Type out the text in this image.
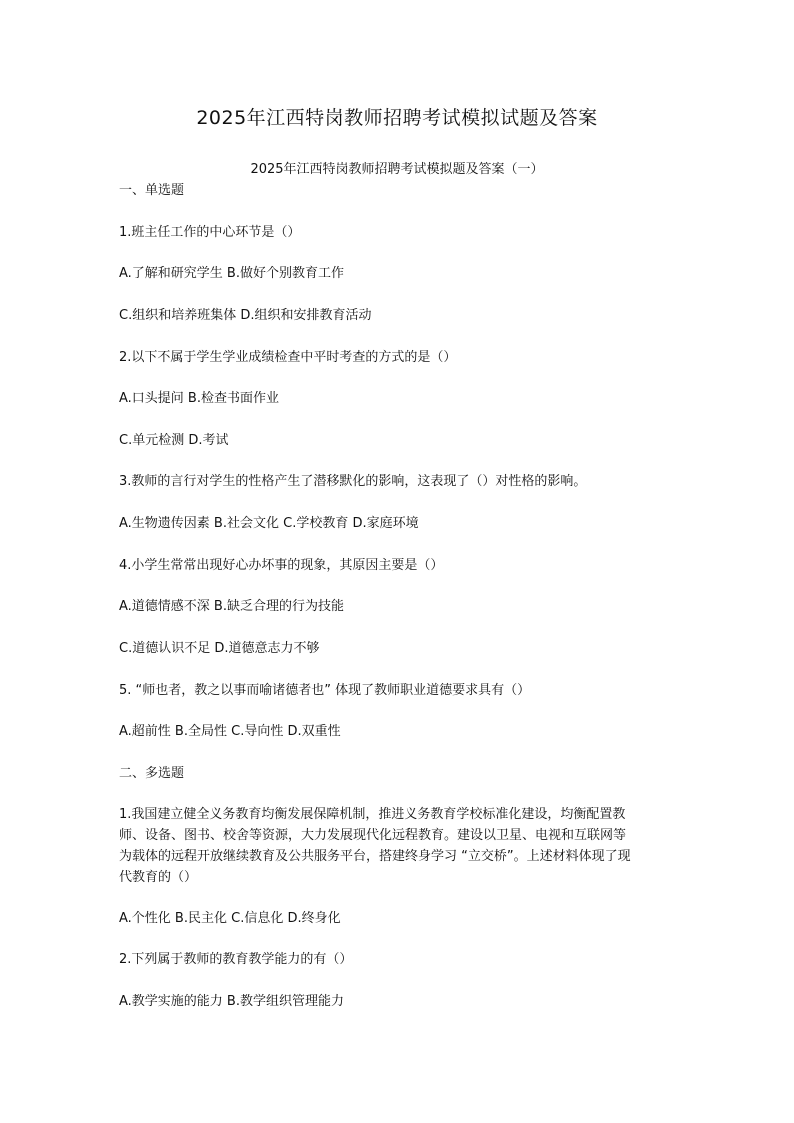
2025年江西特岗教师招聘考试模拟试题及答案
2025年江西特岗教师招聘考试模拟题及答案（一）
一、单选题
1.班主任工作的中心环节是（）
A.了解和研究学生 B.做好个别教育工作
C.组织和培养班集体 D.组织和安排教育活动
2.以下不属于学生学业成绩检查中平时考查的方式的是（）
A.口头提问 B.检查书面作业
C.单元检测 D.考试
3.教师的言行对学生的性格产生了潜移默化的影响，这表现了（）对性格的影响。
A.生物遗传因素 B.社会文化 C.学校教育 D.家庭环境
4.小学生常常出现好心办坏事的现象，其原因主要是（）
A.道德情感不深 B.缺乏合理的行为技能
C.道德认识不足 D.道德意志力不够
5. “师也者，教之以事而喻诸德者也” 体现了教师职业道德要求具有（）
A.超前性 B.全局性 C.导向性 D.双重性
二、多选题
1.我国建立健全义务教育均衡发展保障机制，推进义务教育学校标准化建设，均衡配置教
师、设备、图书、校舍等资源，大力发展现代化远程教育。建设以卫星、电视和互联网等
为载体的远程开放继续教育及公共服务平台，搭建终身学习 “立交桥”。上述材料体现了现
代教育的（）
A.个性化 B.民主化 C.信息化 D.终身化
2.下列属于教师的教育教学能力的有（）
A.教学实施的能力 B.教学组织管理能力
